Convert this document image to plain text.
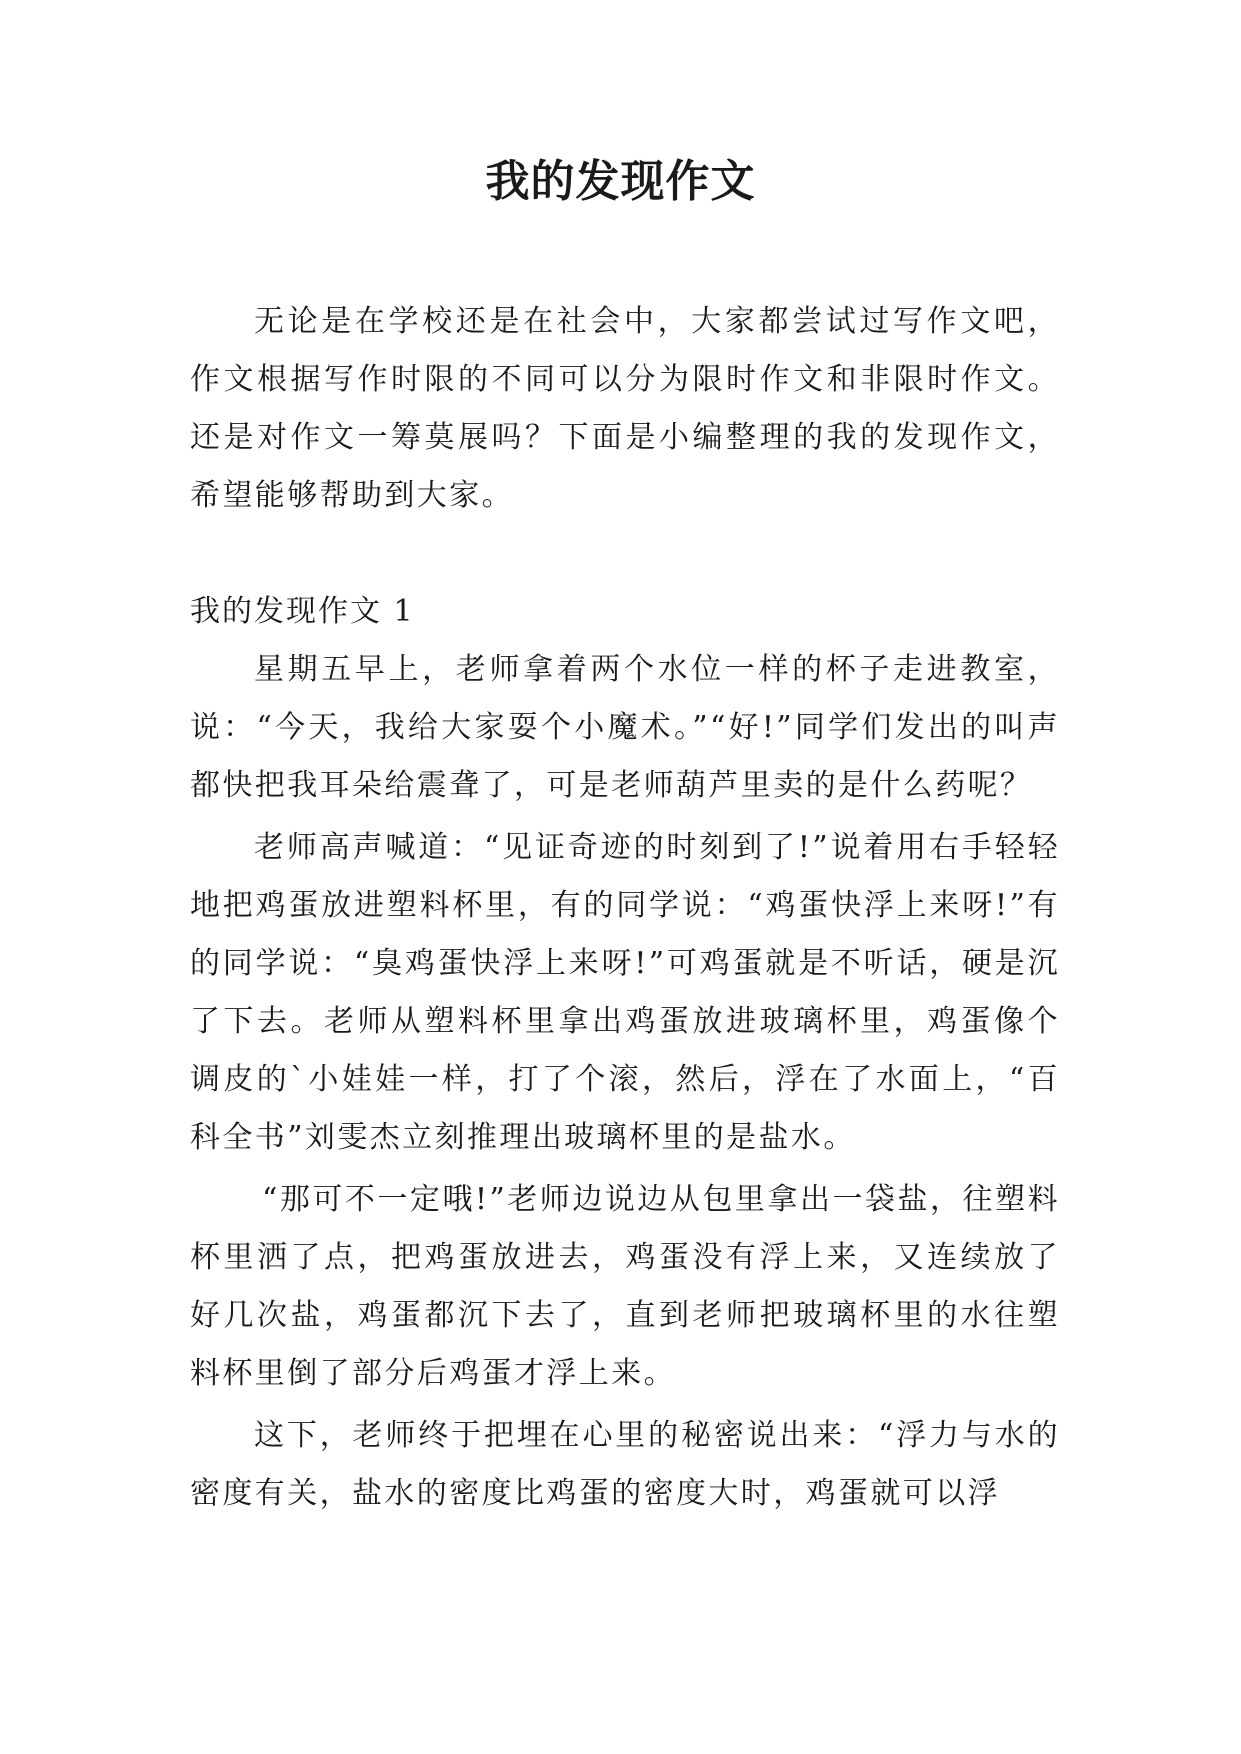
我的发现作文

无论是在学校还是在社会中，大家都尝试过写作文吧，作文根据写作时限的不同可以分为限时作文和非限时作文。还是对作文一筹莫展吗？下面是小编整理的我的发现作文，希望能够帮助到大家。

我的发现作文 1

星期五早上，老师拿着两个水位一样的杯子走进教室，说：“今天，我给大家耍个小魔术。”“好!”同学们发出的叫声都快把我耳朵给震聋了，可是老师葫芦里卖的是什么药呢？

老师高声喊道：“见证奇迹的时刻到了!”说着用右手轻轻地把鸡蛋放进塑料杯里，有的同学说：“鸡蛋快浮上来呀!”有的同学说：“臭鸡蛋快浮上来呀!”可鸡蛋就是不听话，硬是沉了下去。老师从塑料杯里拿出鸡蛋放进玻璃杯里，鸡蛋像个调皮的`小娃娃一样，打了个滚，然后，浮在了水面上，“百科全书”刘雯杰立刻推理出玻璃杯里的是盐水。

“那可不一定哦!”老师边说边从包里拿出一袋盐，往塑料杯里洒了点，把鸡蛋放进去，鸡蛋没有浮上来，又连续放了好几次盐，鸡蛋都沉下去了，直到老师把玻璃杯里的水往塑料杯里倒了部分后鸡蛋才浮上来。

这下，老师终于把埋在心里的秘密说出来：“浮力与水的密度有关，盐水的密度比鸡蛋的密度大时，鸡蛋就可以浮
